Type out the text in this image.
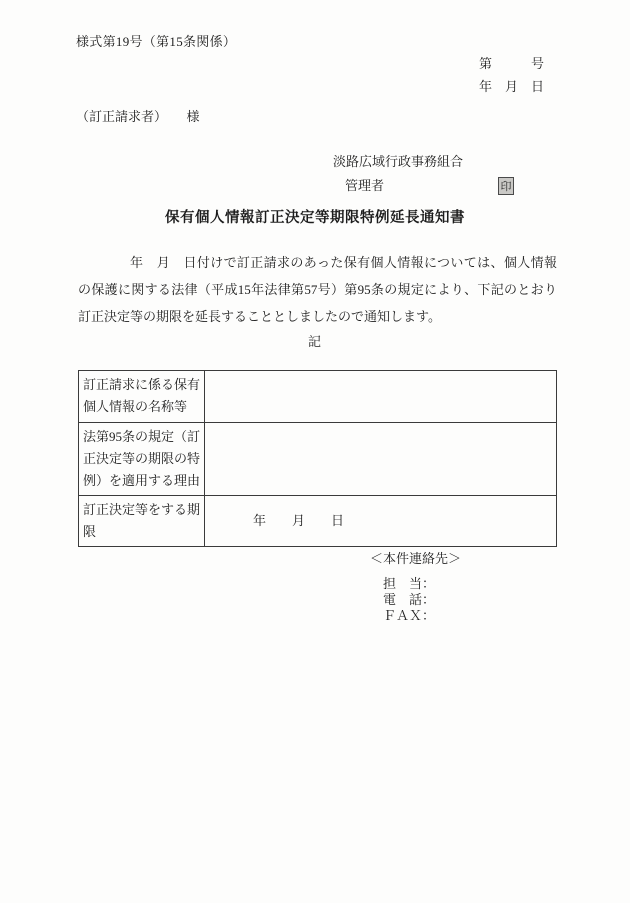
様式第19号（第15条関係）
第　　　号
年　月　日
（訂正請求者）　　様
淡路広域行政事務組合
管理者	印
保有個人情報訂正決定等期限特例延長通知書

年　月　日付けで訂正請求のあった保有個人情報については、個人情報の保護に関する法律（平成15年法律第57号）第95条の規定により、下記のとおり訂正決定等の期限を延長することとしましたので通知します。

記
訂正請求に係る保有個人情報の名称等	
法第95条の規定（訂正決定等の期限の特例）を適用する理由	
訂正決定等をする期限	年　　月　　日
＜本件連絡先＞
担　当：
電　話：
ＦＡＸ：
